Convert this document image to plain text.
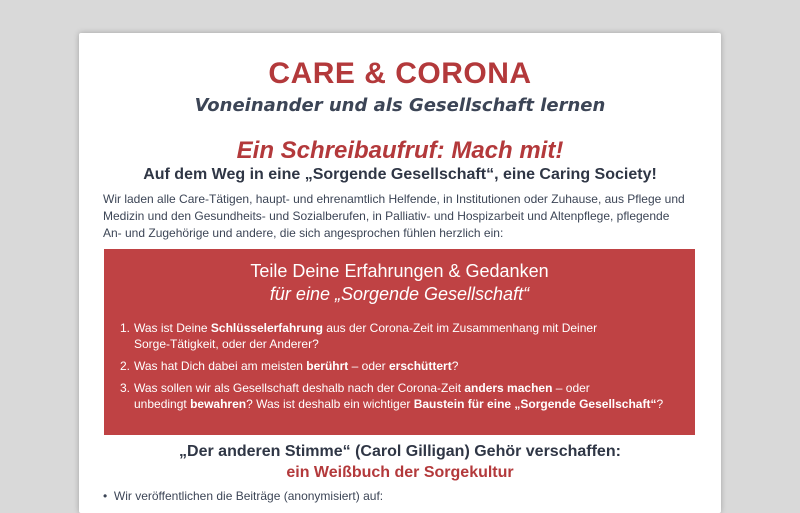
CARE & CORONA
Voneinander und als Gesellschaft lernen
Ein Schreibaufruf: Mach mit!
Auf dem Weg in eine „Sorgende Gesellschaft“, eine Caring Society!
Wir laden alle Care-Tätigen, haupt- und ehrenamtlich Helfende, in Institutionen oder Zuhause, aus Pflege und
Medizin und den Gesundheits- und Sozialberufen, in Palliativ- und Hospizarbeit und Altenpflege, pflegende
An- und Zugehörige und andere, die sich angesprochen fühlen herzlich ein:
Teile Deine Erfahrungen & Gedanken
für eine „Sorgende Gesellschaft“
1. Was ist Deine Schlüsselerfahrung aus der Corona-Zeit im Zusammenhang mit Deiner
Sorge-Tätigkeit, oder der Anderer?
2. Was hat Dich dabei am meisten berührt – oder erschüttert?
3. Was sollen wir als Gesellschaft deshalb nach der Corona-Zeit anders machen – oder
unbedingt bewahren? Was ist deshalb ein wichtiger Baustein für eine „Sorgende Gesellschaft“?
„Der anderen Stimme“ (Carol Gilligan) Gehör verschaffen:
ein Weißbuch der Sorgekultur
• Wir veröffentlichen die Beiträge (anonymisiert) auf:
